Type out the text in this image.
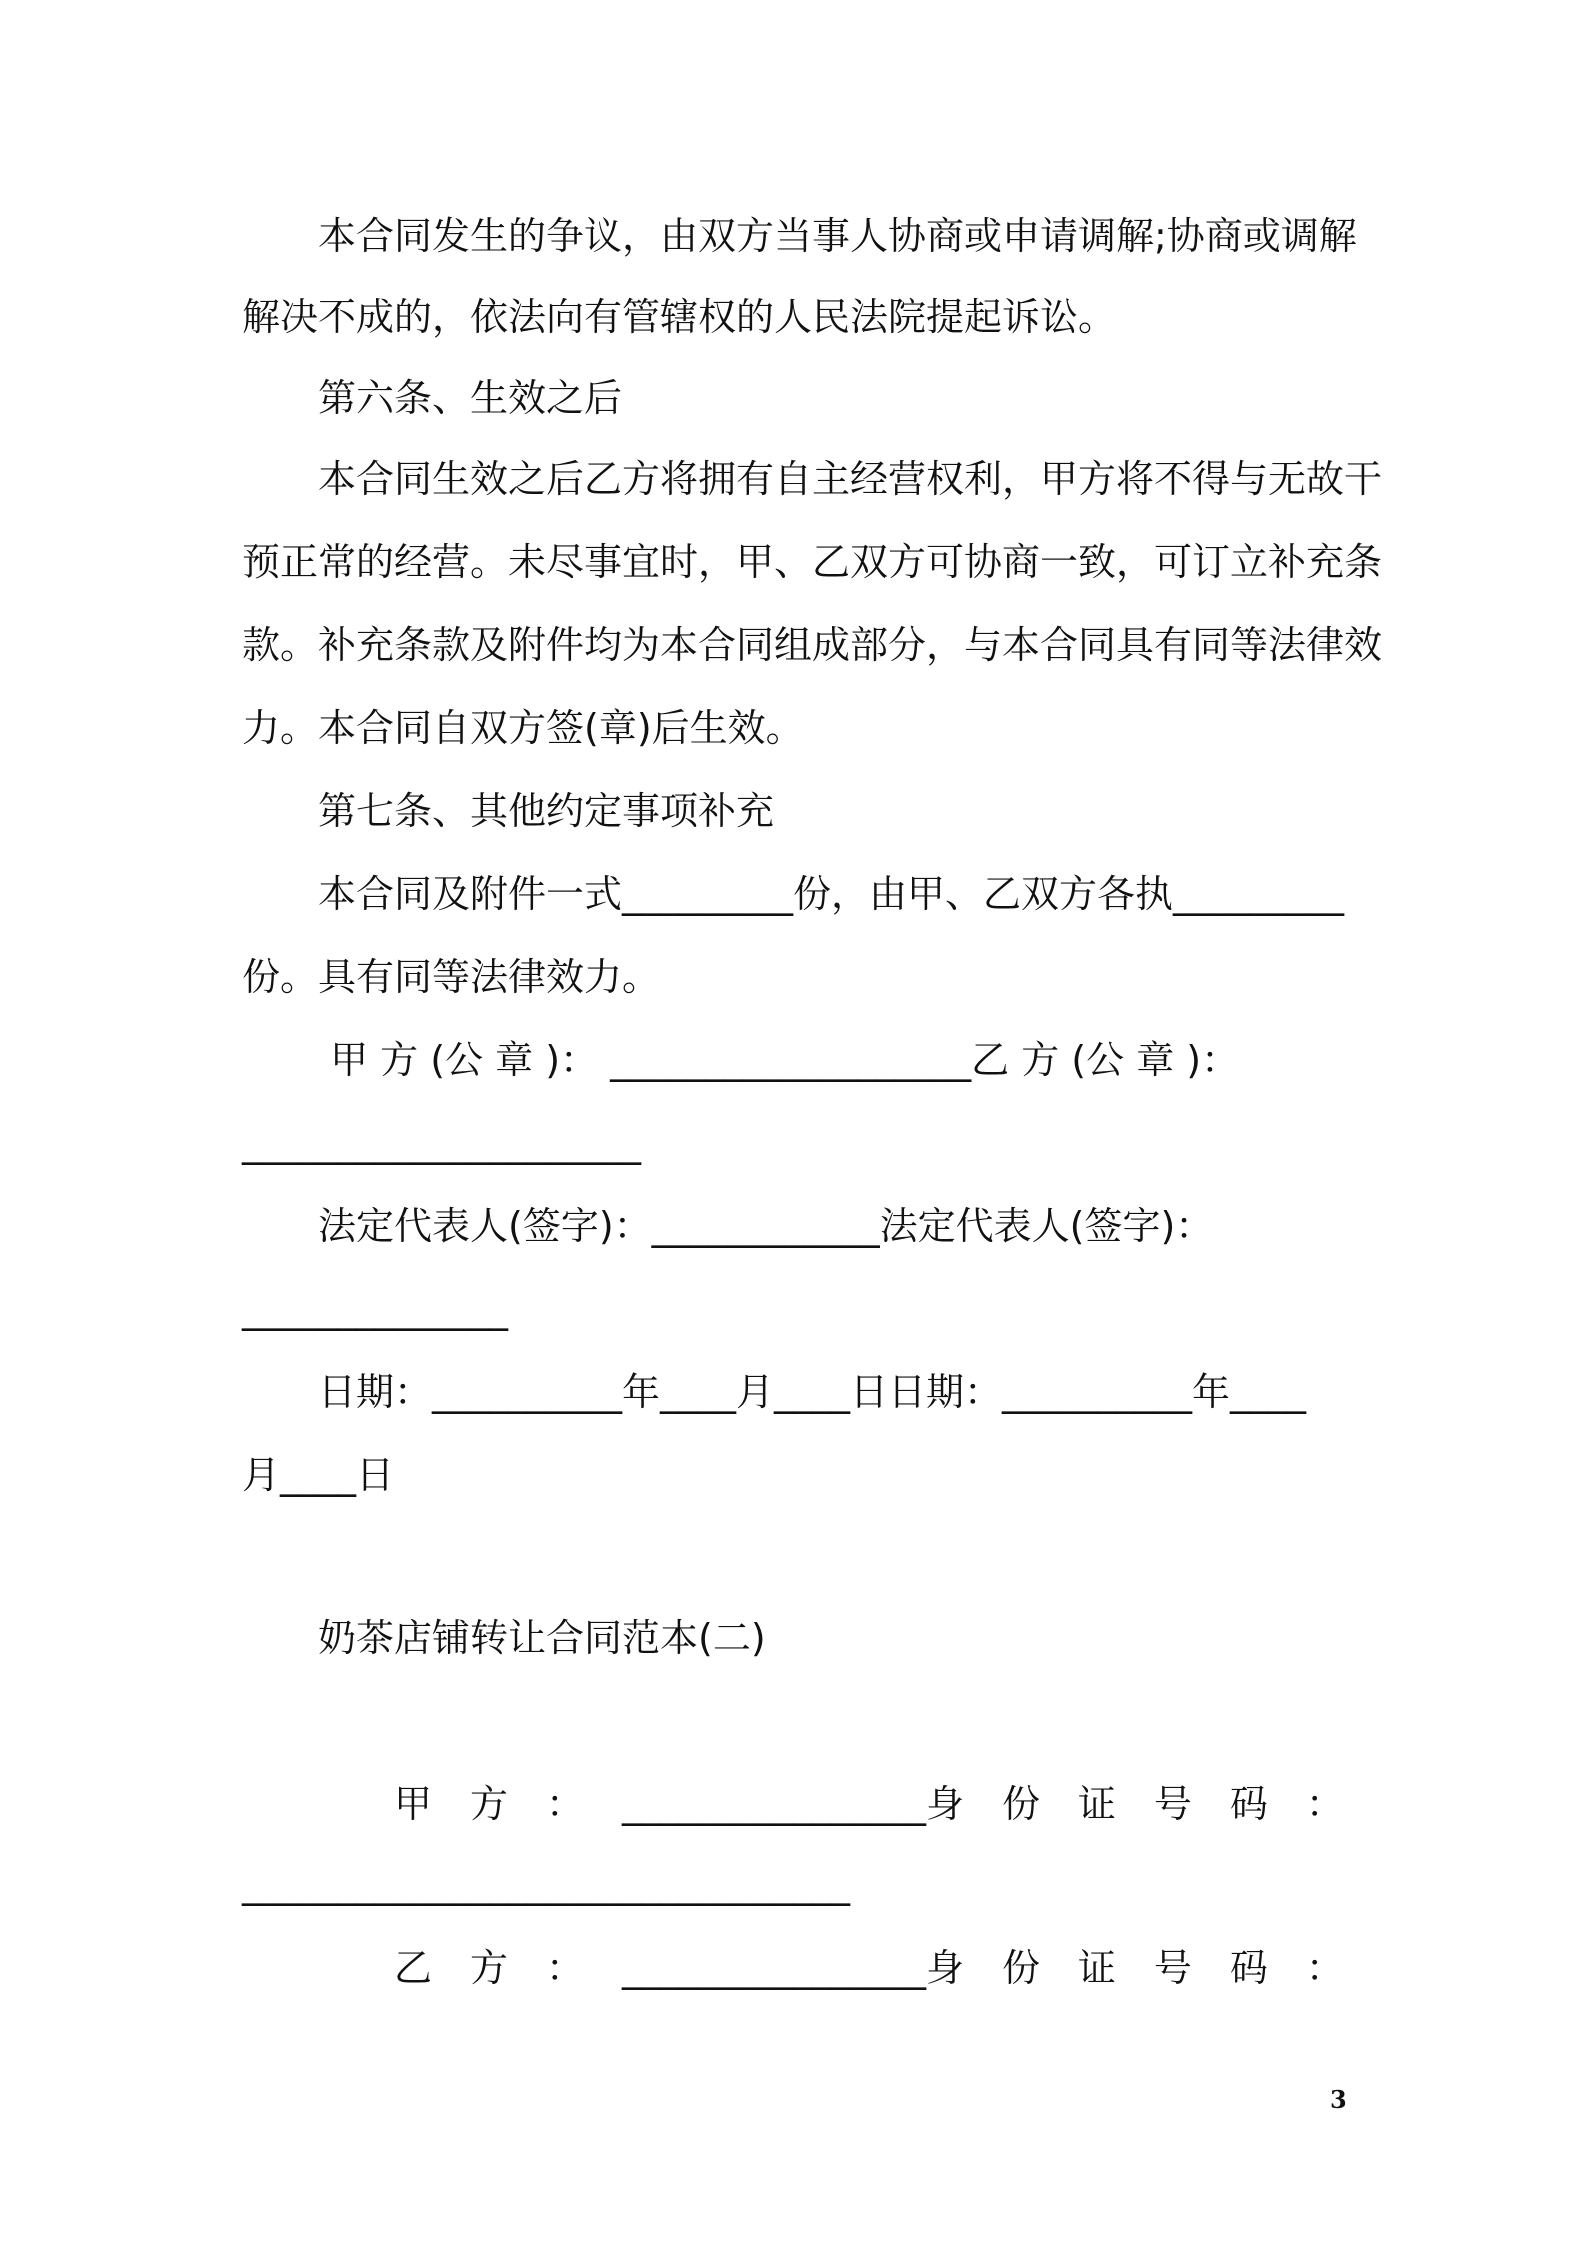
　　本合同发生的争议，由双方当事人协商或申请调解;协商或调解
解决不成的，依法向有管辖权的人民法院提起诉讼。
　　第六条、生效之后
　　本合同生效之后乙方将拥有自主经营权利，甲方将不得与无故干
预正常的经营。未尽事宜时，甲、乙双方可协商一致，可订立补充条
款。补充条款及附件均为本合同组成部分，与本合同具有同等法律效
力。本合同自双方签(章)后生效。
　　第七条、其他约定事项补充
　　本合同及附件一式_________份，由甲、乙双方各执_________
份。具有同等法律效力。
　　 甲 方 (公 章 )： ___________________乙 方 (公 章 )：
_____________________
　　法定代表人(签字)：____________法定代表人(签字)：
______________
　　日期：__________年____月____日日期：__________年____
月____日
　　奶茶店铺转让合同范本(二)
甲 方 ： ________________身 份 证 号 码 ：
________________________________
乙 方 ： ________________身 份 证 号 码 ：
3
